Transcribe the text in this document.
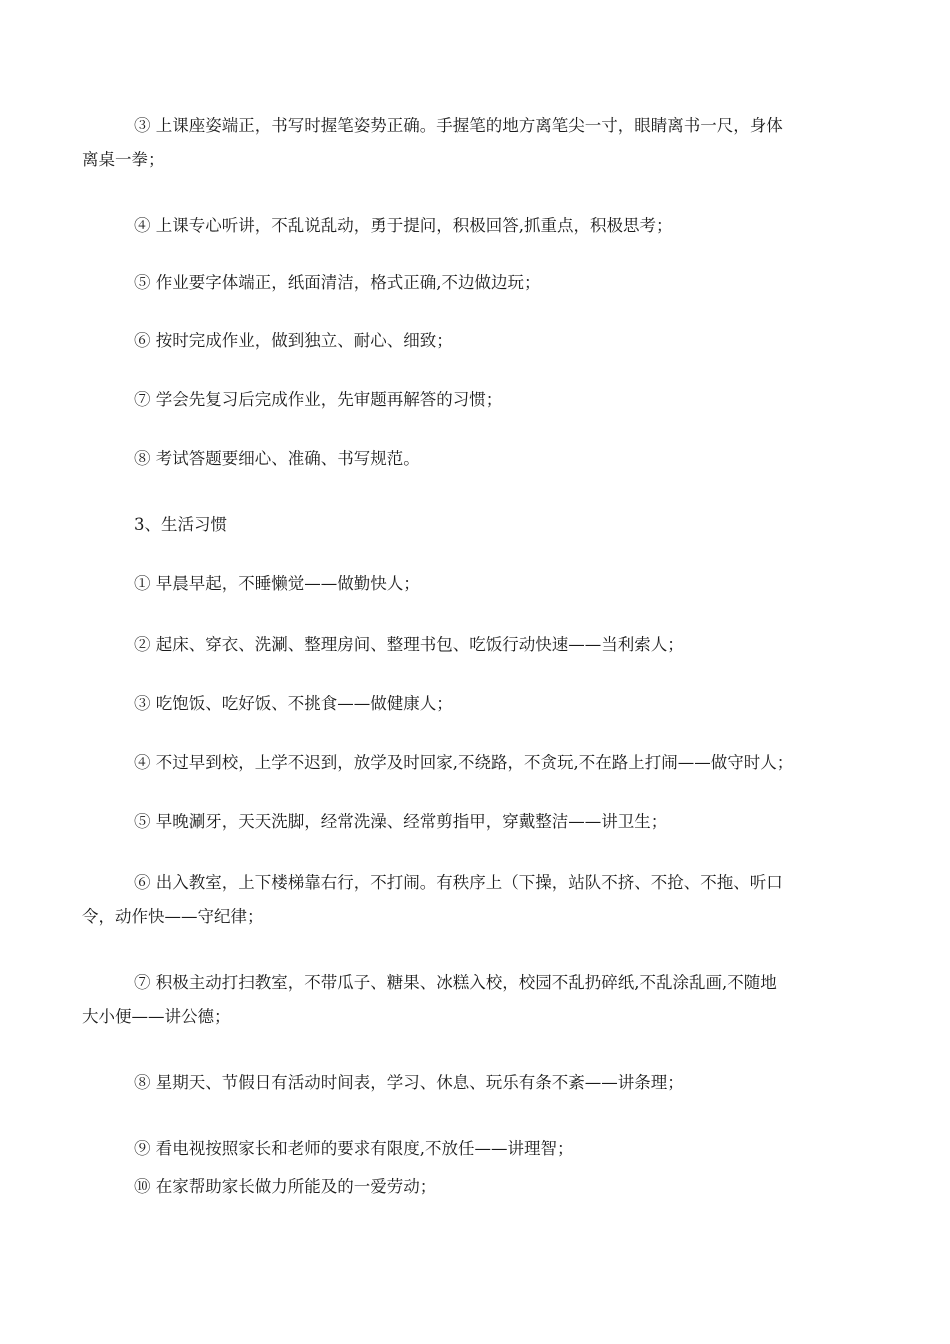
③ 上课座姿端正，书写时握笔姿势正确。手握笔的地方离笔尖一寸，眼睛离书一尺，身体
离桌一拳；
④ 上课专心听讲，不乱说乱动，勇于提问，积极回答,抓重点，积极思考；
⑤ 作业要字体端正，纸面清洁，格式正确,不边做边玩；
⑥ 按时完成作业，做到独立、耐心、细致；
⑦ 学会先复习后完成作业，先审题再解答的习惯；
⑧ 考试答题要细心、准确、书写规范。
3、生活习惯
① 早晨早起，不睡懒觉——做勤快人；
② 起床、穿衣、洗涮、整理房间、整理书包、吃饭行动快速——当利索人；
③ 吃饱饭、吃好饭、不挑食——做健康人；
④ 不过早到校，上学不迟到，放学及时回家,不绕路，不贪玩,不在路上打闹——做守时人；
⑤ 早晚涮牙，天天洗脚，经常洗澡、经常剪指甲，穿戴整洁——讲卫生；
⑥ 出入教室，上下楼梯靠右行，不打闹。有秩序上（下操，站队不挤、不抢、不拖、听口
令，动作快——守纪律；
⑦ 积极主动打扫教室，不带瓜子、糖果、冰糕入校，校园不乱扔碎纸,不乱涂乱画,不随地
大小便——讲公德；
⑧ 星期天、节假日有活动时间表，学习、休息、玩乐有条不紊——讲条理；
⑨ 看电视按照家长和老师的要求有限度,不放任——讲理智；
⑩ 在家帮助家长做力所能及的一爱劳动；
